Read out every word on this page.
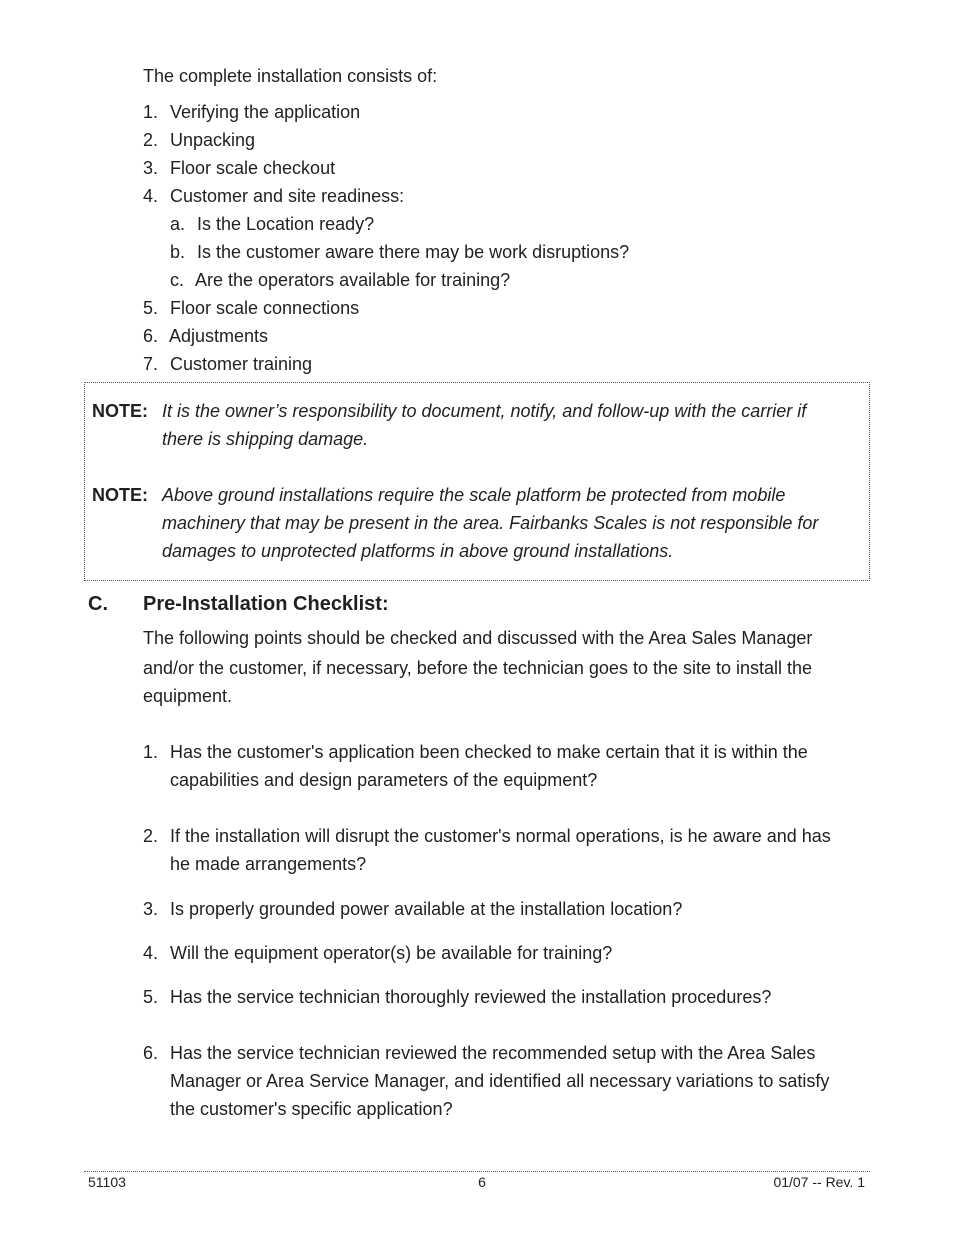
The complete installation consists of:
1. Verifying the application
2. Unpacking
3. Floor scale checkout
4. Customer and site readiness:
a. Is the Location ready?
b. Is the customer aware there may be work disruptions?
c. Are the operators available for training?
5. Floor scale connections
6. Adjustments
7. Customer training
NOTE: It is the owner’s responsibility to document, notify, and follow-up with the carrier if
there is shipping damage.
NOTE: Above ground installations require the scale platform be protected from mobile
machinery that may be present in the area. Fairbanks Scales is not responsible for
damages to unprotected platforms in above ground installations.
C. Pre-Installation Checklist:
The following points should be checked and discussed with the Area Sales Manager
and/or the customer, if necessary, before the technician goes to the site to install the
equipment.
1. Has the customer's application been checked to make certain that it is within the
capabilities and design parameters of the equipment?
2. If the installation will disrupt the customer's normal operations, is he aware and has
he made arrangements?
3. Is properly grounded power available at the installation location?
4. Will the equipment operator(s) be available for training?
5. Has the service technician thoroughly reviewed the installation procedures?
6. Has the service technician reviewed the recommended setup with the Area Sales
Manager or Area Service Manager, and identified all necessary variations to satisfy
the customer's specific application?
51103	6	01/07 -- Rev. 1
